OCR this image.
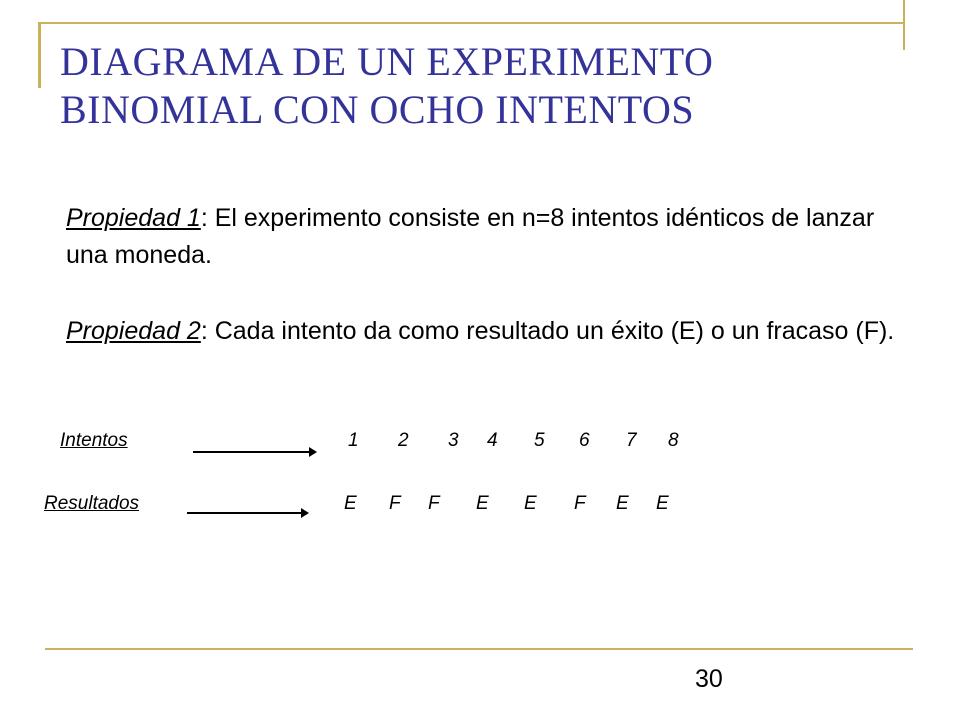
DIAGRAMA DE UN EXPERIMENTO
BINOMIAL CON OCHO INTENTOS
Propiedad 1: El experimento consiste en n=8 intentos idénticos de lanzar una moneda.
Propiedad 2: Cada intento da como resultado un éxito (E) o un fracaso (F).
Intentos	1 2 3 4 5 6 7 8
Resultados	E F F E E F E E
30
